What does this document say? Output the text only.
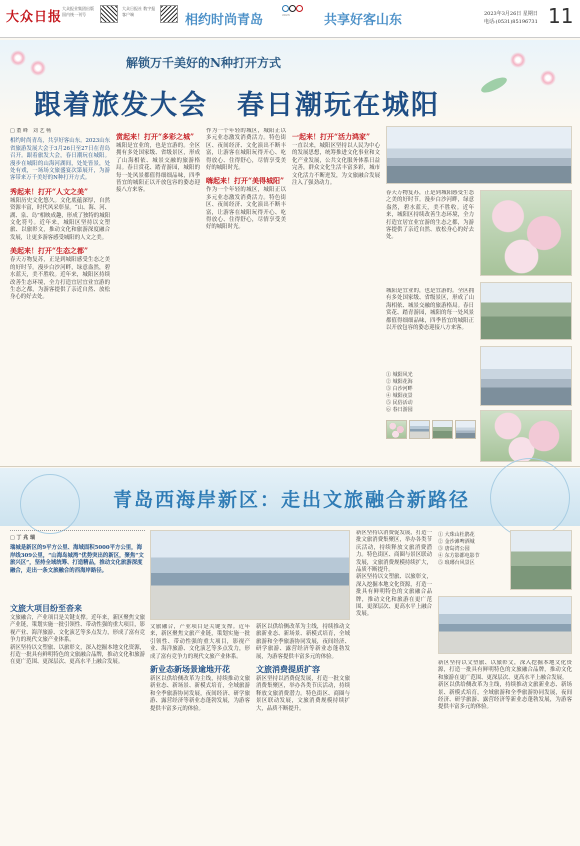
大众日报
大众报业集团出版 国内统一刊号
大众日报社 数字报 客户端	相约时尚青岛	2023	共享好客山东	2023年3月26日 星期日
电话:(0531)85196731 11
解锁万千美好的N种打开方式
跟着旅发大会　春日潮玩在城阳
□ 董 峰　刘 艺 畅
相约时尚青岛，共享好客山东。2023山东省旅游发展大会于3月26日至27日在青岛召开。跟着旅发大会，春日潮玩在城阳。漫步在城阳的山海河湖间，处处皆景，处处有戏，一场场文旅盛宴次第展开，为游客带来万千美好的N种打开方式。
秀起来！打开“人文之美”
城阳历史文化悠久。文化底蕴深厚，自然资源丰富，时代风采彰显。“山、海、河、湖、泉、岛”相映成趣，形成了独特的城阳文化符号。近年来，城阳区坚持以文塑旅、以旅彰文，推动文化和旅游深度融合发展，让更多游客感受城阳的人文之美。
美起来！打开“生态之都”
春天万物复苏，正是到城阳感受生态之美的好时节。漫步白沙河畔，绿意盎然，碧水蓝天，美不胜收。近年来，城阳区持续改善生态环境，全力打造宜居宜业宜游的生态之都，为游客提供了亲近自然、放松身心的好去处。
赏起来！打开“多彩之城”
城阳是宜业的，也是宜游的。全区拥有多处国家级、省级景区，形成了山海相依、城景交融的旅游格局。春日赏花、踏青游园，城阳的每一处风景都值得细细品味，四季皆宜的城阳正以开放包容的姿态迎接八方来客。
作为一个年轻的城区，城阳正以多元业态激发消费活力。特色街区、夜间经济、文化演出不断丰富，让游客在城阳玩得开心、吃得放心、住得舒心，尽情享受美好的城阳时光。
嗨起来！打开“美得城阳”
作为一个年轻的城区，城阳正以多元业态激发消费活力。特色街区、夜间经济、文化演出不断丰富，让游客在城阳玩得开心、吃得放心、住得舒心，尽情享受美好的城阳时光。
一起来！打开“活力鸿家”
一直以来，城阳区坚持以人民为中心的发展思想，统筹推进文化事业和文化产业发展，公共文化服务体系日益完善，群众文化生活丰富多彩，城市文化活力不断迸发，为文旅融合发展注入了强劲动力。
春天万物复苏，正是到城阳感受生态之美的好时节。漫步白沙河畔，绿意盎然，碧水蓝天，美不胜收。近年来，城阳区持续改善生态环境，全力打造宜居宜业宜游的生态之都，为游客提供了亲近自然、放松身心的好去处。
城阳是宜业的，也是宜游的。全区拥有多处国家级、省级景区，形成了山海相依、城景交融的旅游格局。春日赏花、踏青游园，城阳的每一处风景都值得细细品味，四季皆宜的城阳正以开放包容的姿态迎接八方来客。
① 城阳风光
② 城阳花海
③ 白沙河畔
④ 城阳夜景
⑤ 民俗活动
⑥ 春日游园
青岛西海岸新区：走出文旅融合新路径
□ 丁 兆 瑞
瑞城是新区的9平方公里、海域面积5000平方公里，海岸线309公里，“山海岛城湾”优势突出的新区，聚焦“文旅兴区”，坚持全域统筹、打造精品，推动文化旅游深度融合，走出一条文旅融合的西海岸路径。
文旅大项目纷至沓来
文旅融合，产业项目是关键支撑。近年来，新区聚焦文旅产业链，策划实施一批引领性、带动性强的重大项目，影视产业、海洋旅游、文化演艺等多点发力，形成了富有竞争力的现代文旅产业体系。
新区坚持以文塑旅、以旅彰文，深入挖掘本地文化资源，打造一批具有鲜明特色的文旅融合品牌，推动文化和旅游在更广范围、更深层次、更高水平上融合发展。
文旅融合，产业项目是关键支撑。近年来，新区聚焦文旅产业链，策划实施一批引领性、带动性强的重大项目，影视产业、海洋旅游、文化演艺等多点发力，形成了富有竞争力的现代文旅产业体系。
新业态新场景逾地开花
新区以供给侧改革为主线，持续推动文旅新业态、新场景、新模式培育，全域旅游和全季旅游协同发展，夜间经济、研学旅游、露营经济等新业态蓬勃发展，为游客提供丰富多元的体验。
新区以供给侧改革为主线，持续推动文旅新业态、新场景、新模式培育，全域旅游和全季旅游协同发展，夜间经济、研学旅游、露营经济等新业态蓬勃发展，为游客提供丰富多元的体验。
文旅消费提质扩容
新区坚持以消费促发展，打造一批文旅消费集聚区，举办各类节庆活动，持续释放文旅消费潜力。特色街区、商圈与景区联动发展，文旅消费规模持续扩大，品质不断提升。
新区坚持以消费促发展，打造一批文旅消费集聚区，举办各类节庆活动，持续释放文旅消费潜力。特色街区、商圈与景区联动发展，文旅消费规模持续扩大，品质不断提升。
新区坚持以文塑旅、以旅彰文，深入挖掘本地文化资源，打造一批具有鲜明特色的文旅融合品牌，推动文化和旅游在更广范围、更深层次、更高水平上融合发展。
① 大珠山杜鹃花
② 金沙滩啤酒城
③ 唐岛湾公园
④ 东方影都电影节
⑤ 琅琊台风景区
新区坚持以文塑旅、以旅彰文，深入挖掘本地文化资源，打造一批具有鲜明特色的文旅融合品牌，推动文化和旅游在更广范围、更深层次、更高水平上融合发展。
新区以供给侧改革为主线，持续推动文旅新业态、新场景、新模式培育，全域旅游和全季旅游协同发展，夜间经济、研学旅游、露营经济等新业态蓬勃发展，为游客提供丰富多元的体验。
